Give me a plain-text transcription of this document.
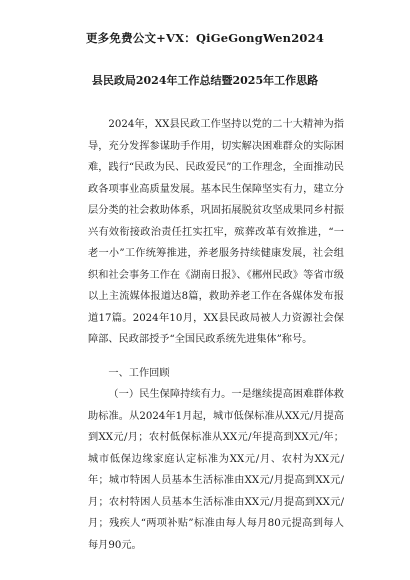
更多免费公文+VX：QiGeGongWen2024
县民政局2024年工作总结暨2025年工作思路

2024年，XX县民政工作坚持以党的二十大精神为指导，充分发挥参谋助手作用，切实解决困难群众的实际困难，践行“民政为民、民政爱民”的工作理念，全面推动民政各项事业高质量发展。基本民生保障坚实有力，建立分层分类的社会救助体系，巩固拓展脱贫攻坚成果同乡村振兴有效衔接政治责任扛实扛牢，殡葬改革有效推进，“一老一小”工作统筹推进，养老服务持续健康发展，社会组织和社会事务工作在《湖南日报》、《郴州民政》等省市级以上主流媒体报道达8篇，救助养老工作在各媒体发布报道17篇。2024年10月，XX县民政局被人力资源社会保障部、民政部授予“全国民政系统先进集体”称号。

一、工作回顾

（一）民生保障持续有力。一是继续提高困难群体救助标准。从2024年1月起，城市低保标准从XX元/月提高到XX元/月；农村低保标准从XX元/年提高到XX元/年；城市低保边缘家庭认定标准为XX元/月、农村为XX元/年；城市特困人员基本生活标准由XX元/月提高到XX元/月；农村特困人员基本生活标准由XX元/月提高到XX元/月；残疾人“两项补贴”标准由每人每月80元提高到每人每月90元。
